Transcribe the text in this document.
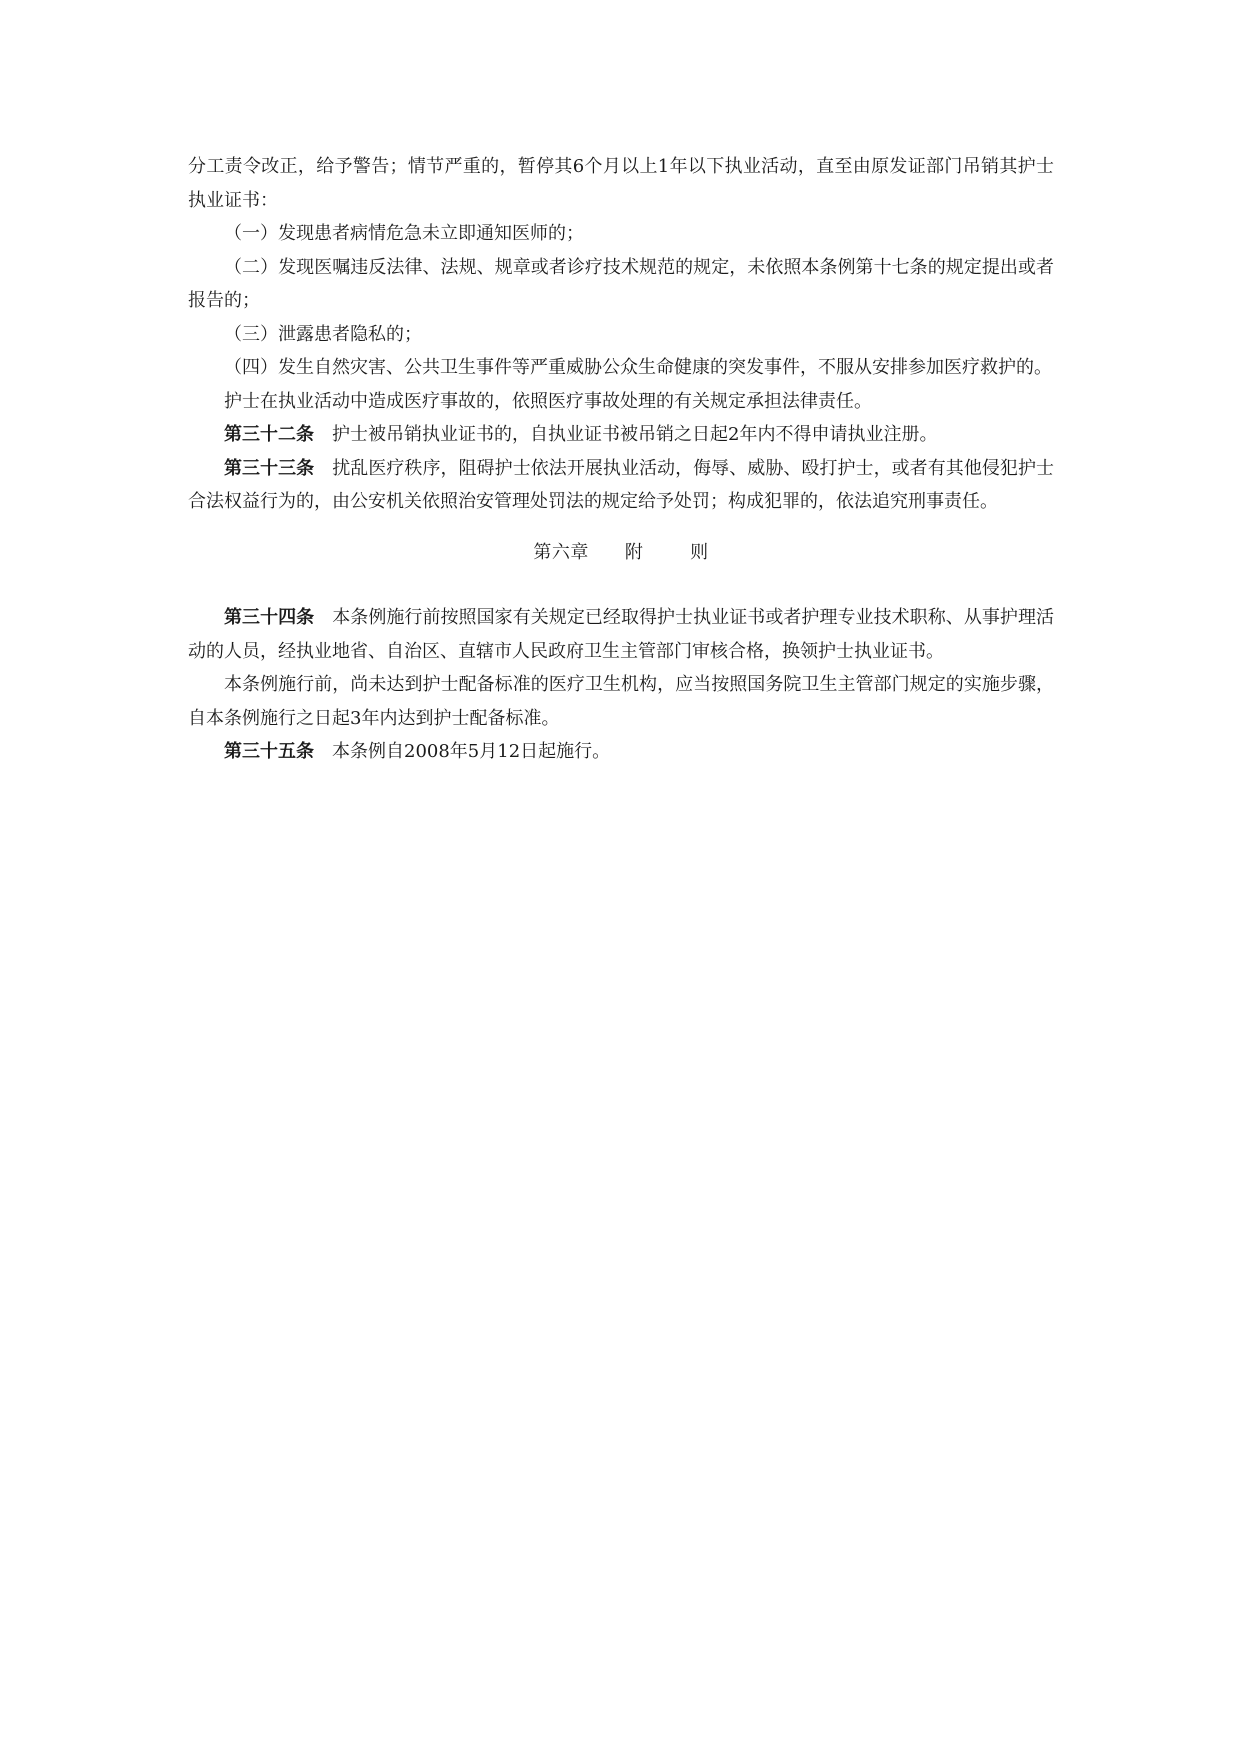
分工责令改正，给予警告；情节严重的，暂停其6个月以上1年以下执业活动，直至由原发证部门吊销其护士执业证书：

（一）发现患者病情危急未立即通知医师的；

（二）发现医嘱违反法律、法规、规章或者诊疗技术规范的规定，未依照本条例第十七条的规定提出或者报告的；

（三）泄露患者隐私的；

（四）发生自然灾害、公共卫生事件等严重威胁公众生命健康的突发事件，不服从安排参加医疗救护的。

护士在执业活动中造成医疗事故的，依照医疗事故处理的有关规定承担法律责任。

第三十二条 护士被吊销执业证书的，自执业证书被吊销之日起2年内不得申请执业注册。

第三十三条 扰乱医疗秩序，阻碍护士依法开展执业活动，侮辱、威胁、殴打护士，或者有其他侵犯护士合法权益行为的，由公安机关依照治安管理处罚法的规定给予处罚；构成犯罪的，依法追究刑事责任。

第六章 附	则

第三十四条 本条例施行前按照国家有关规定已经取得护士执业证书或者护理专业技术职称、从事护理活动的人员，经执业地省、自治区、直辖市人民政府卫生主管部门审核合格，换领护士执业证书。

本条例施行前，尚未达到护士配备标准的医疗卫生机构，应当按照国务院卫生主管部门规定的实施步骤，自本条例施行之日起3年内达到护士配备标准。

第三十五条 本条例自2008年5月12日起施行。
